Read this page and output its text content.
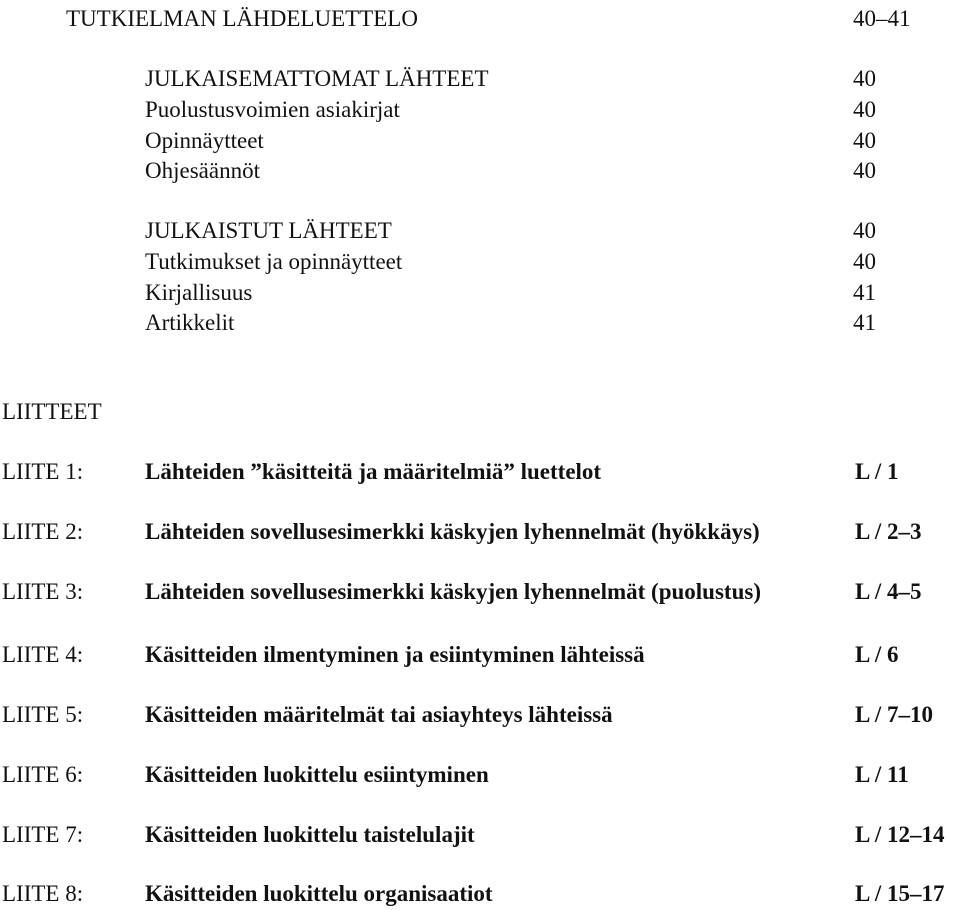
TUTKIELMAN LÄHDELUETTELO	40–41
JULKAISEMATTOMAT LÄHTEET	40
Puolustusvoimien asiakirjat	40
Opinnäytteet	40
Ohjesäännöt	40
JULKAISTUT LÄHTEET	40
Tutkimukset ja opinnäytteet	40
Kirjallisuus	41
Artikkelit	41
LIITTEET
LIITE 1:	Lähteiden ”käsitteitä ja määritelmiä” luettelot	L / 1
LIITE 2:	Lähteiden sovellusesimerkki käskyjen lyhennelmät (hyökkäys)	L / 2–3
LIITE 3:	Lähteiden sovellusesimerkki käskyjen lyhennelmät (puolustus)	L / 4–5
LIITE 4:	Käsitteiden ilmentyminen ja esiintyminen lähteissä	L / 6
LIITE 5:	Käsitteiden määritelmät tai asiayhteys lähteissä	L / 7–10
LIITE 6:	Käsitteiden luokittelu esiintyminen	L / 11
LIITE 7:	Käsitteiden luokittelu taistelulajit	L / 12–14
LIITE 8:	Käsitteiden luokittelu organisaatiot	L / 15–17
